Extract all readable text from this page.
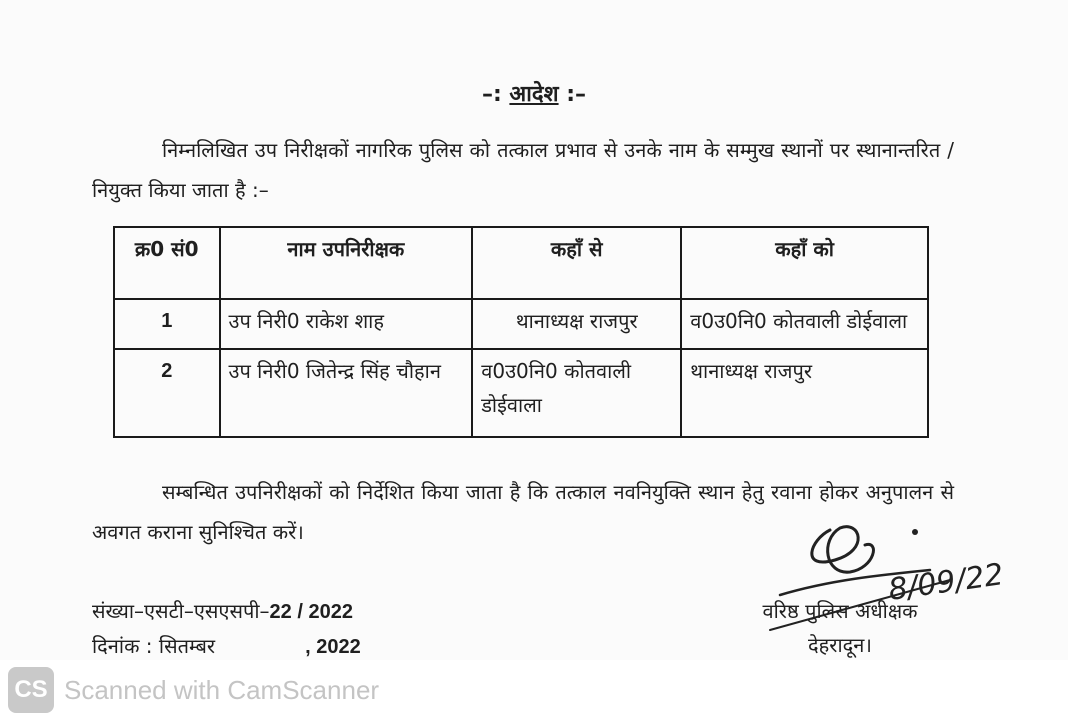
–: आदेश :–
निम्नलिखित उप निरीक्षकों नागरिक पुलिस को तत्काल प्रभाव से उनके नाम के सम्मुख स्थानों पर स्थानान्तरित / नियुक्त किया जाता है :–
क्र0 सं0	नाम उपनिरीक्षक	कहाँ से	कहाँ को
1	उप निरी0 राकेश शाह	थानाध्यक्ष राजपुर	व0उ0नि0 कोतवाली डोईवाला
2	उप निरी0 जितेन्द्र सिंह चौहान	व0उ0नि0 कोतवाली डोईवाला	थानाध्यक्ष राजपुर
सम्बन्धित उपनिरीक्षकों को निर्देशित किया जाता है कि तत्काल नवनियुक्ति स्थान हेतु रवाना होकर अनुपालन से अवगत कराना सुनिश्चित करें।
संख्या–एसटी–एसएसपी–22 / 2022
दिनांक : सितम्बर	, 2022
8/09/22
वरिष्ठ पुलिस अधीक्षक
देहरादून।
CS Scanned with CamScanner
